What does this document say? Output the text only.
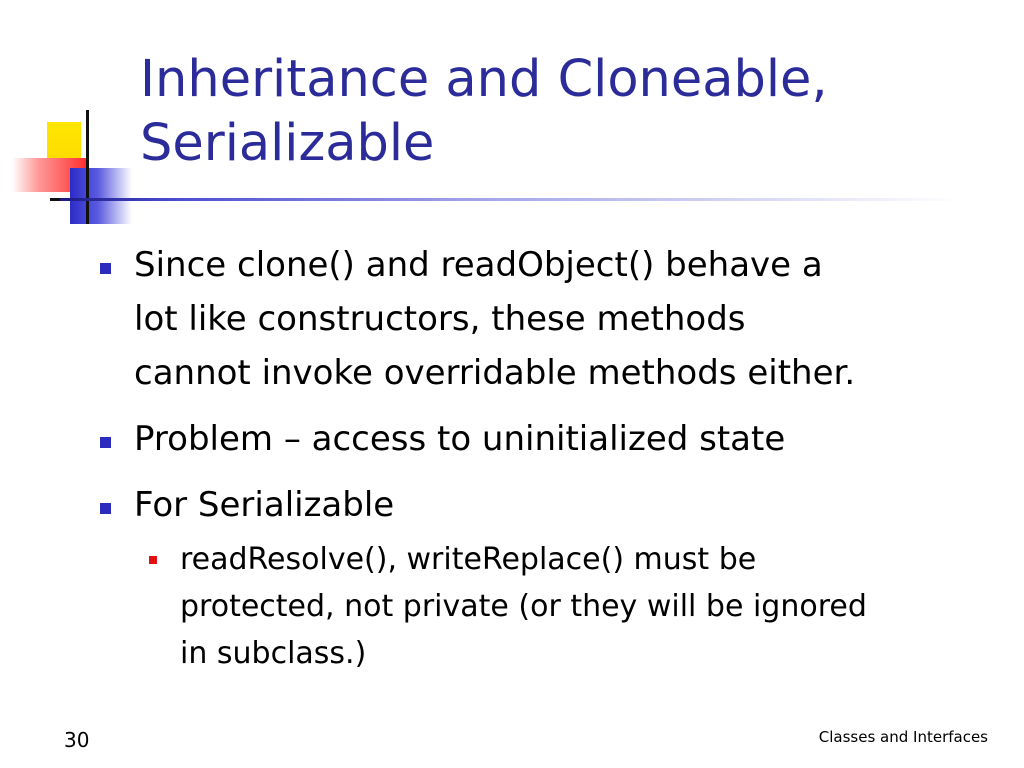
Inheritance and Cloneable,
Serializable
Since clone() and readObject() behave a
lot like constructors, these methods
cannot invoke overridable methods either.
Problem – access to uninitialized state
For Serializable
readResolve(), writeReplace() must be
protected, not private (or they will be ignored
in subclass.)
30	Classes and Interfaces
